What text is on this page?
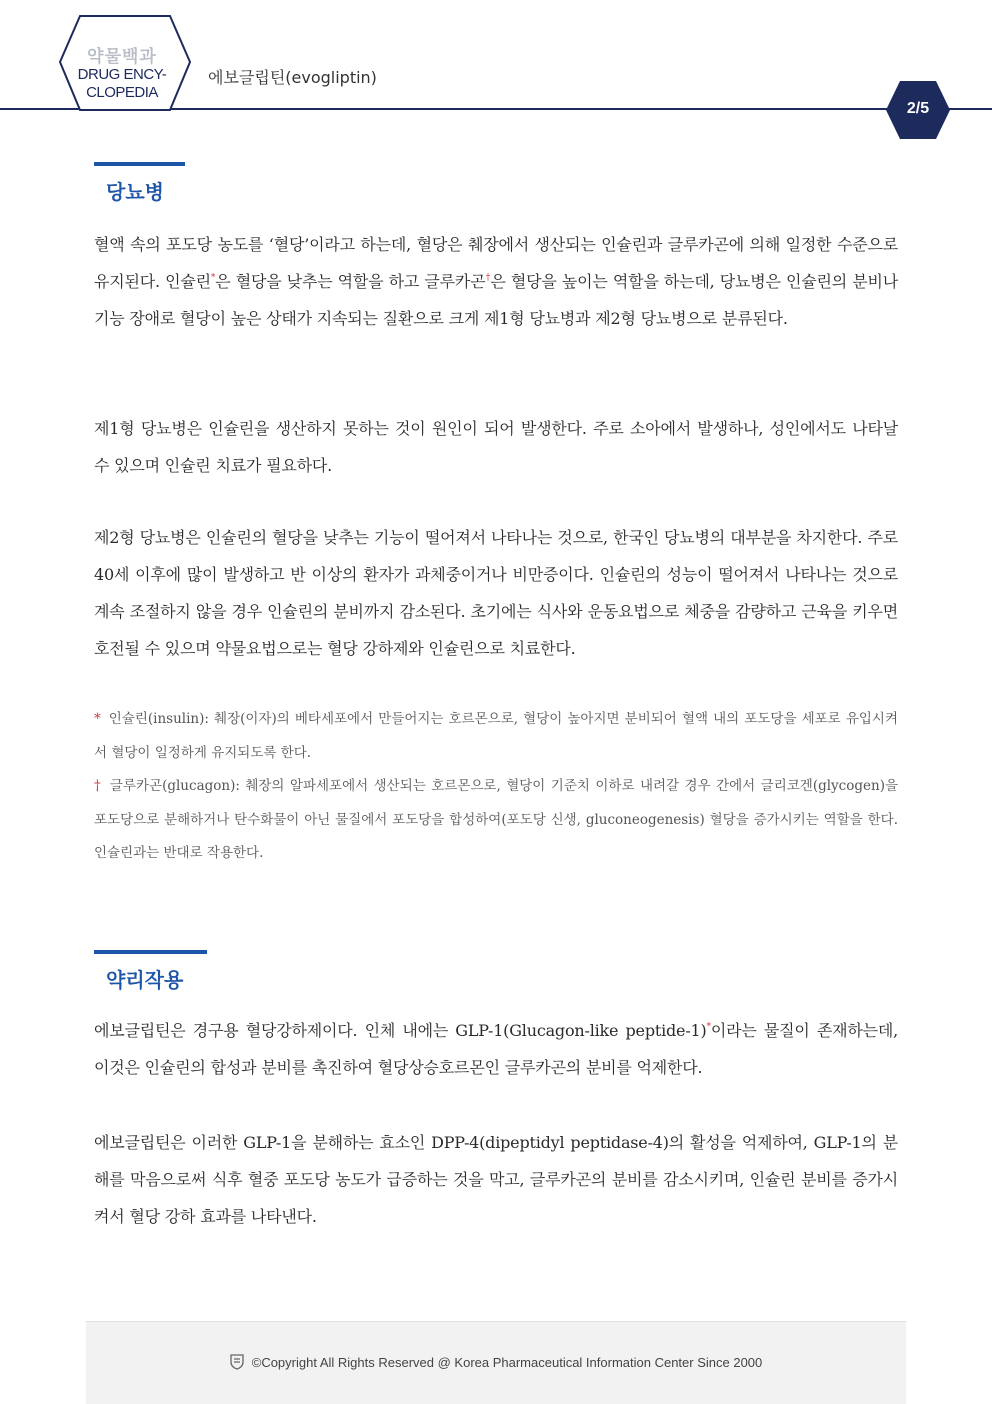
약물백과
DRUG ENCY-
CLOPEDIA
에보글립틴(evogliptin)
2/5
당뇨병
혈액 속의 포도당 농도를 ‘혈당’이라고 하는데, 혈당은 췌장에서 생산되는 인슐린과 글루카곤에 의해 일정한 수준으로 유지된다. 인슐린*은 혈당을 낮추는 역할을 하고 글루카곤†은 혈당을 높이는 역할을 하는데, 당뇨병은 인슐린의 분비나 기능 장애로 혈당이 높은 상태가 지속되는 질환으로 크게 제1형 당뇨병과 제2형 당뇨병으로 분류된다.
제1형 당뇨병은 인슐린을 생산하지 못하는 것이 원인이 되어 발생한다. 주로 소아에서 발생하나, 성인에서도 나타날 수 있으며 인슐린 치료가 필요하다.
제2형 당뇨병은 인슐린의 혈당을 낮추는 기능이 떨어져서 나타나는 것으로, 한국인 당뇨병의 대부분을 차지한다. 주로 40세 이후에 많이 발생하고 반 이상의 환자가 과체중이거나 비만증이다. 인슐린의 성능이 떨어져서 나타나는 것으로 계속 조절하지 않을 경우 인슐린의 분비까지 감소된다. 초기에는 식사와 운동요법으로 체중을 감량하고 근육을 키우면 호전될 수 있으며 약물요법으로는 혈당 강하제와 인슐린으로 치료한다.
* 인슐린(insulin): 췌장(이자)의 베타세포에서 만들어지는 호르몬으로, 혈당이 높아지면 분비되어 혈액 내의 포도당을 세포로 유입시켜서 혈당이 일정하게 유지되도록 한다.
† 글루카곤(glucagon): 췌장의 알파세포에서 생산되는 호르몬으로, 혈당이 기준치 이하로 내려갈 경우 간에서 글리코겐(glycogen)을 포도당으로 분해하거나 탄수화물이 아닌 물질에서 포도당을 합성하여(포도당 신생, gluconeogenesis) 혈당을 증가시키는 역할을 한다. 인슐린과는 반대로 작용한다.
약리작용
에보글립틴은 경구용 혈당강하제이다. 인체 내에는 GLP-1(Glucagon-like peptide-1)*이라는 물질이 존재하는데, 이것은 인슐린의 합성과 분비를 촉진하여 혈당상승호르몬인 글루카곤의 분비를 억제한다.
에보글립틴은 이러한 GLP-1을 분해하는 효소인 DPP-4(dipeptidyl peptidase-4)의 활성을 억제하여, GLP-1의 분해를 막음으로써 식후 혈중 포도당 농도가 급증하는 것을 막고, 글루카곤의 분비를 감소시키며, 인슐린 분비를 증가시켜서 혈당 강하 효과를 나타낸다.
©Copyright All Rights Reserved @ Korea Pharmaceutical Information Center Since 2000
